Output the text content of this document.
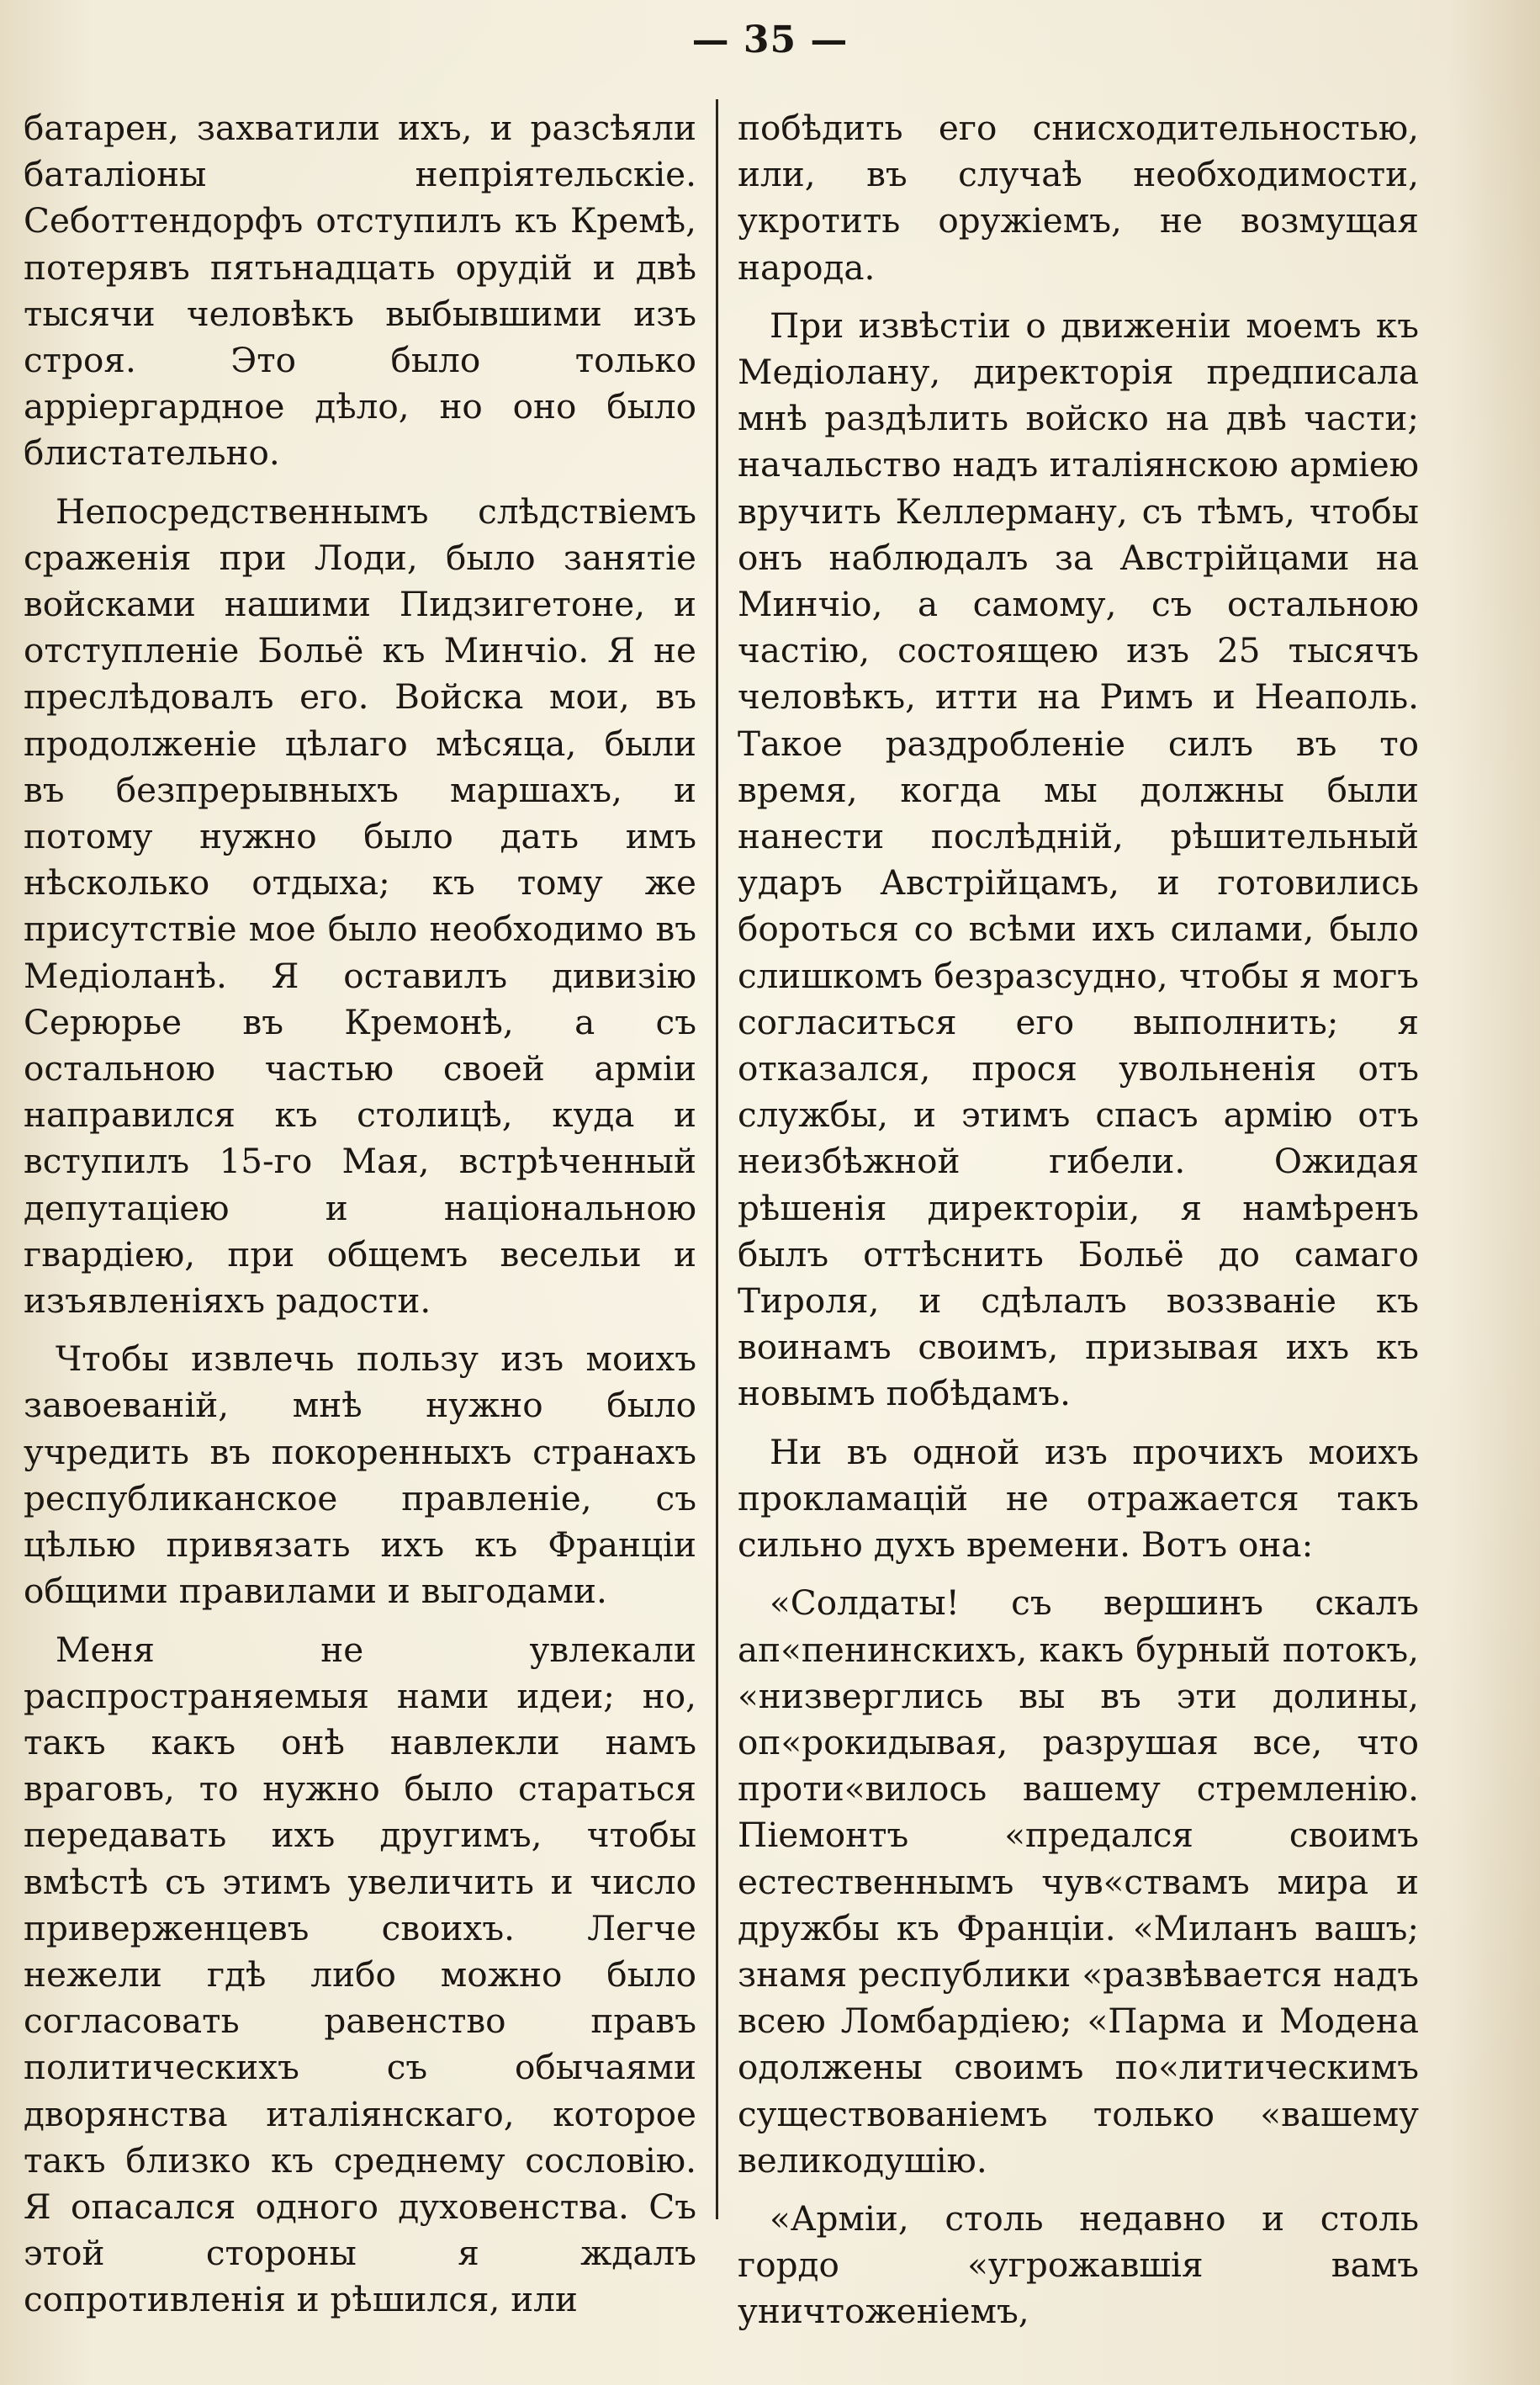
— 35 —

батарен, захватили ихъ, и разсѣяли баталіоны непріятельскіе. Себоттендорфъ отступилъ къ Кремѣ, потерявъ пятьнадцать орудій и двѣ тысячи человѣкъ выбывшими изъ строя. Это было только аррiергардное дѣло, но оно было блистательно.

Непосредственнымъ слѣдствіемъ сраженія при Лоди, было занятіе войсками нашими Пидзигетоне, и отступленіе Больё къ Минчіо. Я не преслѣдовалъ его. Войска мои, въ продолженіе цѣлаго мѣсяца, были въ безпрерывныхъ маршахъ, и потому нужно было дать имъ нѣсколько отдыха; къ тому же присутствіе мое было необходимо въ Медіоланѣ. Я оставилъ дивизію Серюрье въ Кремонѣ, а съ остальною частью своей арміи направился къ столицѣ, куда и вступилъ 15-го Мая, встрѣченный депутаціею и національною гвардіею, при общемъ весельи и изъявленіяхъ радости.

Чтобы извлечь пользу изъ моихъ завоеваній, мнѣ нужно было учредить въ покоренныхъ странахъ республиканское правленіе, съ цѣлью привязать ихъ къ Франціи общими правилами и выгодами.

Меня не увлекали распространяемыя нами идеи; но, такъ какъ онѣ навлекли намъ враговъ, то нужно было стараться передавать ихъ другимъ, чтобы вмѣстѣ съ этимъ увеличить и число приверженцевъ своихъ. Легче нежели гдѣ либо можно было согласовать равенство правъ политическихъ съ обычаями дворянства италіянскаго, которое такъ близко къ среднему сословію. Я опасался одного духовенства. Съ этой стороны я ждалъ сопротивленія и рѣшился, или

побѣдить его снисходительностью, или, въ случаѣ необходимости, укротить оружіемъ, не возмущая народа.

При извѣстіи о движеніи моемъ къ Медіолану, директорія предписала мнѣ раздѣлить войско на двѣ части; начальство надъ италіянскою арміею вручить Келлерману, съ тѣмъ, чтобы онъ наблюдалъ за Австрійцами на Минчіо, а самому, съ остальною частію, состоящею изъ 25 тысячъ человѣкъ, итти на Римъ и Неаполь. Такое раздробленіе силъ въ то время, когда мы должны были нанести послѣдній, рѣшительный ударъ Австрійцамъ, и готовились бороться со всѣми ихъ силами, было слишкомъ безразсудно, чтобы я могъ согласиться его выполнить; я отказался, прося увольненія отъ службы, и этимъ спасъ армію отъ неизбѣжной гибели. Ожидая рѣшенія директоріи, я намѣренъ былъ оттѣснить Больё до самаго Тироля, и сдѣлалъ воззваніе къ воинамъ своимъ, призывая ихъ къ новымъ побѣдамъ.

Ни въ одной изъ прочихъ моихъ прокламацій не отражается такъ сильно духъ времени. Вотъ она:

«Солдаты! съ вершинъ скалъ ап«пенинскихъ, какъ бурный потокъ, «низверглись вы въ эти долины, оп«рокидывая, разрушая все, что проти«вилось вашему стремленію. Піемонтъ «предался своимъ естественнымъ чув«ствамъ мира и дружбы къ Франціи. «Миланъ вашъ; знамя республики «развѣвается надъ всею Ломбардіею; «Парма и Модена одолжены своимъ по«литическимъ существованіемъ только «вашему великодушію.

«Арміи, столь недавно и столь гордо «угрожавшія вамъ уничтоженіемъ,
